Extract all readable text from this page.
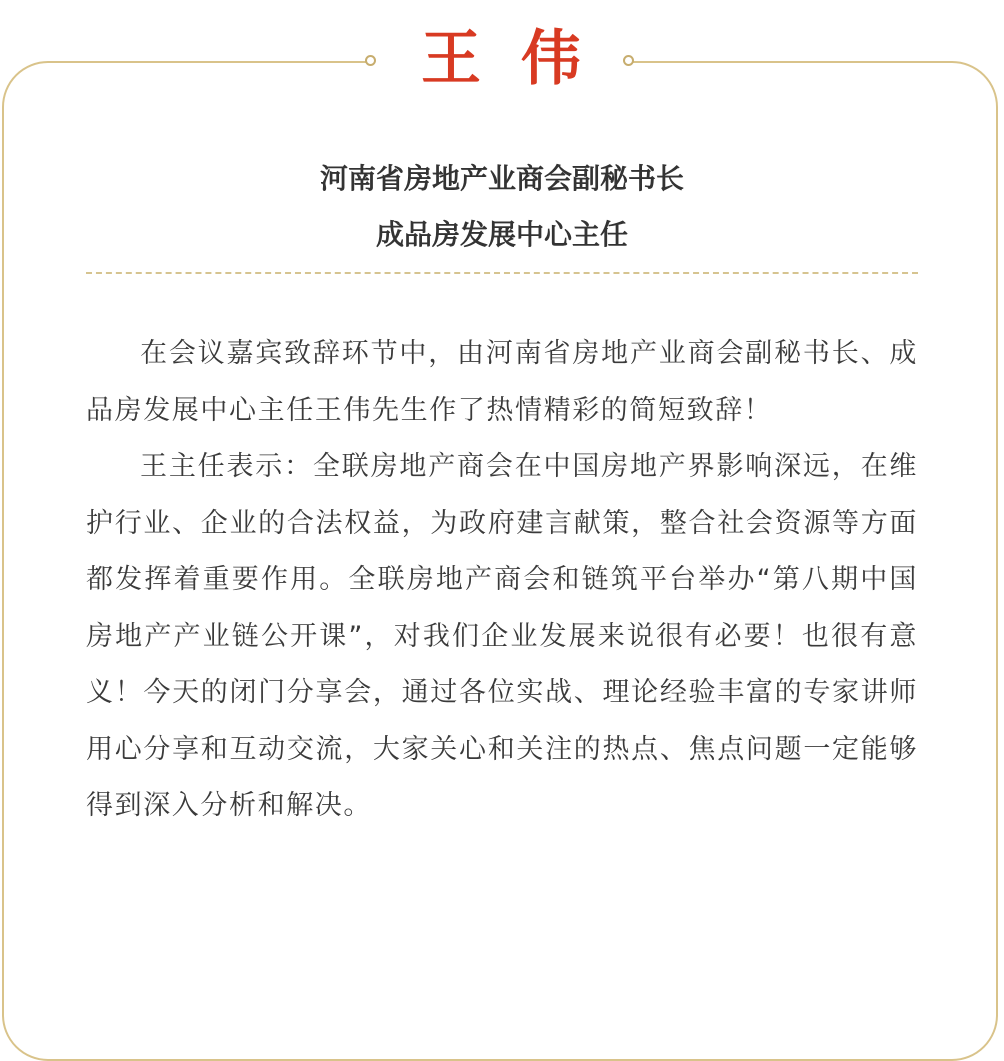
王伟
河南省房地产业商会副秘书长
成品房发展中心主任

在会议嘉宾致辞环节中，由河南省房地产业商会副秘书长、成品房发展中心主任王伟先生作了热情精彩的简短致辞！

王主任表示：全联房地产商会在中国房地产界影响深远，在维护行业、企业的合法权益，为政府建言献策，整合社会资源等方面都发挥着重要作用。全联房地产商会和链筑平台举办“第八期中国房地产产业链公开课”，对我们企业发展来说很有必要！也很有意义！今天的闭门分享会，通过各位实战、理论经验丰富的专家讲师用心分享和互动交流，大家关心和关注的热点、焦点问题一定能够得到深入分析和解决。
